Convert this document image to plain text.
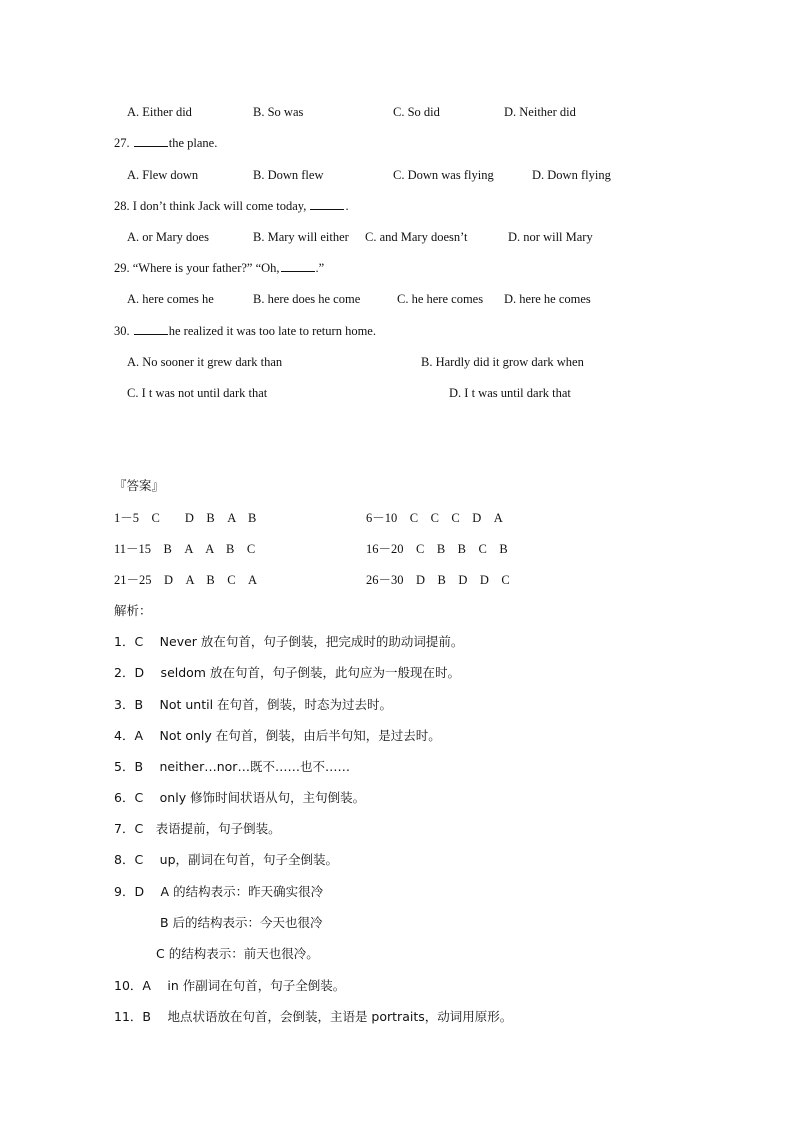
A. Either did	B. So was	C. So did	D. Neither did
27.	the plane.
A. Flew down	B. Down flew	C. Down was flying	D. Down flying
28. I don’t think Jack will come today,	.
A. or Mary does	B. Mary will either C. and Mary doesn’t	D. nor will Mary
29. “Where is your father?” “Oh,	.”
A. here comes he	B. here does he come	C. he here comes D. here he comes
30.	he realized it was too late to return home.
A. No sooner it grew dark than	B. Hardly did it grow dark when
C. I t was not until dark that	D. I t was until dark that
『答案』
1－5　C　　D　B　A　B	6－10　C　C　C　D　A
11－15　B　A　A　B　C	16－20　C　B　B　C　B
21－25　D　A　B　C　A	26－30　D　B　D　D　C
解析：
1．C　 Never 放在句首，句子倒装，把完成时的助动词提前。
2．D　 seldom 放在句首，句子倒装，此句应为一般现在时。
3．B　 Not until 在句首，倒装，时态为过去时。
4．A　 Not only 在句首，倒装，由后半句知，是过去时。
5．B　 neither…nor…既不……也不……
6．C　 only 修饰时间状语从句，主句倒装。
7．C　表语提前，句子倒装。
8．C　 up，副词在句首，句子全倒装。
9．D　 A 的结构表示：昨天确实很冷
B 后的结构表示：今天也很冷
C 的结构表示：前天也很冷。
10．A　 in 作副词在句首，句子全倒装。
11．B　 地点状语放在句首，会倒装，主语是 portraits，动词用原形。
